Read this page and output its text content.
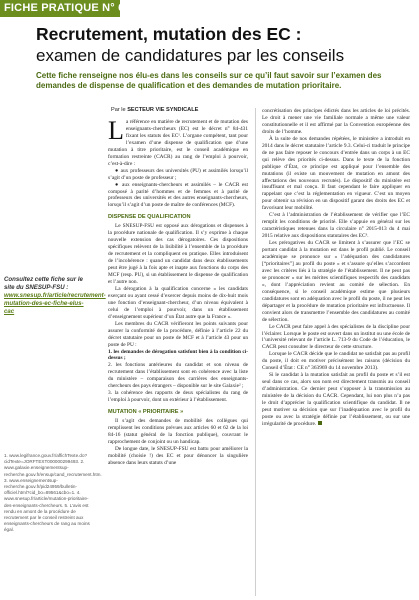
FICHE PRATIQUE N° 6
Recrutement, mutation des EC :
examen de candidatures par les conseils
Cette fiche renseigne nos élu-es dans les conseils sur ce qu’il faut savoir sur l’examen des demandes de dispense de qualification et des demandes de mutation prioritaire.
Par le SECTEUR VIE SYNDICALE
Consultez cette fiche sur le site du SNESUP-FSU :
www.snesup.fr/article/recrutement-mutation-des-ec-fiche-elus-cac
1. www.legifrance.gouv.fr/affichTexte.do?cidTexte=JORFTEXT000000299493. 2. www.galaxie.enseignementsup-recherche.gouv.fr/ensup/cand_recrutement.htm. 3. www.enseignementsup-recherche.gouv.fr/pid24959/bulletin-officiel.html?cid_bo=89561&cbo=1. 4. www.snesup.fr/article/mutation-prioritaire-des-enseignants-chercheurs. 5. L’avis est rendu en amont de la procédure de recrutement par le conseil restreint aux enseignants-chercheurs de rang au moins égal.

La référence en matière de recrutement et de mutation des enseignants-chercheurs (EC) est le décret n° 84-431 fixant les statuts des EC¹. L’organe compétent, tant pour l’examen d’une dispense de qualification que d’une mutation à titre prioritaire, est le conseil académique en formation restreinte (CACR) au rang de l’emploi à pourvoir, c’est-à-dire :

● aux professeurs des universités (PU) et assimilés lorsqu’il s’agit d’un poste de professeur ;

● aux enseignants-chercheurs et assimilés – le CACR est composé à parité d’hommes et de femmes et à parité de professeurs des universités et des autres enseignants-chercheurs, lorsqu’il s’agit d’un poste de maître de conférences (MCF).

DISPENSE DE QUALIFICATION

Le SNESUP-FSU est opposé aux dérogations et dispenses à la procédure nationale de qualification. Il s’y exprime à chaque nouvelle extension des cas dérogatoires. Ces dispositions spécifiques relèvent de la lisibilité à l’ensemble de la procédure de recrutement et la compliquent en pratique. Elles introduisent de l’incohérence : quand un candidat dans deux établissements peut être jugé à la fois apte et inapte aux fonctions du corps des MCF (resp. PU), si un établissement le dispense de qualification et l’autre non.

La dérogation à la qualification concerne « les candidats exerçant ou ayant cessé d’exercer depuis moins de dix-huit mois une fonction d’enseignant-chercheur, d’un niveau équivalent à celui de l’emploi à pourvoir, dans un établissement d’enseignement supérieur d’un État autre que la France ».

Les membres du CACR vérifieront les points suivants pour assurer la conformité de la procédure, définie à l’article 22 du décret statutaire pour un poste de MCF et à l’article 43 pour un poste de PU :

1. les demandes de dérogation satisfont bien à la condition ci-dessus ;

2. les fonctions antérieures du candidat et son niveau de recrutement dans l’établissement sont en cohérence avec la liste du ministère – comparaison des carrières des enseignants-chercheurs des pays étrangers – disponible sur le site Galaxie² ;

3. la cohérence des rapports de deux spécialistes du rang de l’emploi à pourvoir, dont un extérieur à l’établissement.

MUTATION « PRIORITAIRE »

Il s’agit des demandes de mobilité des collègues qui remplissent les conditions prévues aux articles 60 et 62 de la loi 84-16 (statut général de la fonction publique), couvrant le rapprochement de conjoint ou un handicap.

De longue date, le SNESUP-FSU est battu pour améliorer la mobilité (choisie !) des EC et pour dénoncer la singulière absence dans leurs statuts d’une

concrétisation des principes édictés dans les articles de loi précités. Le droit à mener une vie familiale normale a même une valeur constitutionnelle et il est affirmé par la Convention européenne des droits de l’homme.

À la suite de nos demandes répétées, le ministère a introduit en 2014 dans le décret statutaire l’article 9.3. Celui-ci traduit le principe de ne pas faire reposer le concours d’entrée dans un corps à un EC qui relève des priorités ci-dessus. Dans le texte de la fonction publique d’État, ce principe est appliqué pour l’ensemble des mutations (il existe un mouvement de mutation en amont des affectations des nouveaux recrutés). Le dispositif du ministère est insuffisant et mal conçu. Il faut cependant le faire appliquer en rappelant que c’est la réglementation en vigueur. C’est un moyen pour obtenir sa révision en un dispositif garant des droits des EC et favorisant leur mobilité.

C’est à l’administration de l’établissement de vérifier que l’EC remplit les conditions de priorité. Elle s’appuie en général sur les caractéristiques retenues dans la circulaire n° 2015-013 du 4 mai 2015 relative aux dispositions statutaires des EC³.

Les prérogatives du CACR se limitent à s’assurer que l’EC se portant candidat à la mutation est dans le profil publié. Le conseil académique se prononce sur « l’adéquation des candidatures [“prioritaires”] au profil du poste » et s’assure qu’elles s’accordent avec les critères liés à la stratégie de l’établissement. Il ne peut pas se prononcer « sur les mérites scientifiques respectifs des candidats », dont l’appréciation revient au comité de sélection. En conséquence, si le conseil académique estime que plusieurs candidatures sont en adéquation avec le profil du poste, il ne peut les départager et la procédure de mutation prioritaire est infructueuse. Il convient alors de transmettre l’ensemble des candidatures au comité de sélection.

Le CACR peut faire appel à des spécialistes de la discipline pour l’éclairer. Lorsque le poste est ouvert dans un institut ou une école de l’université relevant de l’article L. 713-9 du Code de l’éducation, le CACR peut consulter le directeur de cette structure.

Lorsque le CACR décide que le candidat ne satisfait pas au profil du poste, il doit en motiver précisément les raisons (décision du Conseil d’État : CE n° 363969 du 14 novembre 2013).

Si le candidat à la mutation satisfait au profil du poste et s’il est seul dans ce cas, alors son nom est directement transmis au conseil d’administration. Ce dernier peut s’opposer à la transmission au ministère de la décision du CACR. Cependant, lui non plus n’a pas le droit d’apprécier la qualification scientifique du candidat. Il ne peut motiver sa décision que sur l’inadéquation avec le profil du poste ou avec la stratégie définie par l’établissement, ou sur une irrégularité de procédure.
